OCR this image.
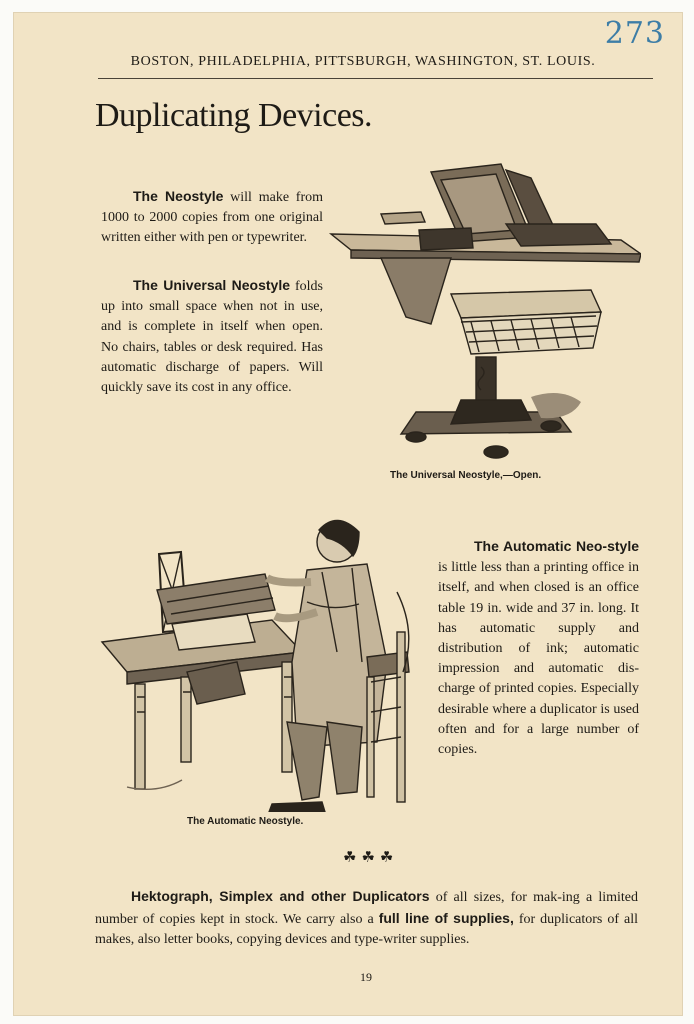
273
BOSTON, PHILADELPHIA, PITTSBURGH, WASHINGTON, ST. LOUIS.
Duplicating Devices.
The Neostyle will make from 1000 to 2000 copies from one original written either with pen or typewriter.
The Universal Neostyle folds up into small space when not in use, and is complete in itself when open. No chairs, tables or desk required. Has automatic discharge of papers. Will quickly save its cost in any office.
The Universal Neostyle,—Open.
The Automatic Neostyle.
The Automatic Neo-style is little less than a printing office in itself, and when closed is an office table 19 in. wide and 37 in. long. It has automatic supply and distribution of ink; automatic impression and automatic dis-charge of printed copies. Especially desirable where a duplicator is used often and for a large number of copies.
☘☘☘
Hektograph, Simplex and other Duplicators of all sizes, for mak-ing a limited number of copies kept in stock. We carry also a full line of supplies, for duplicators of all makes, also letter books, copying devices and type-writer supplies.
19
